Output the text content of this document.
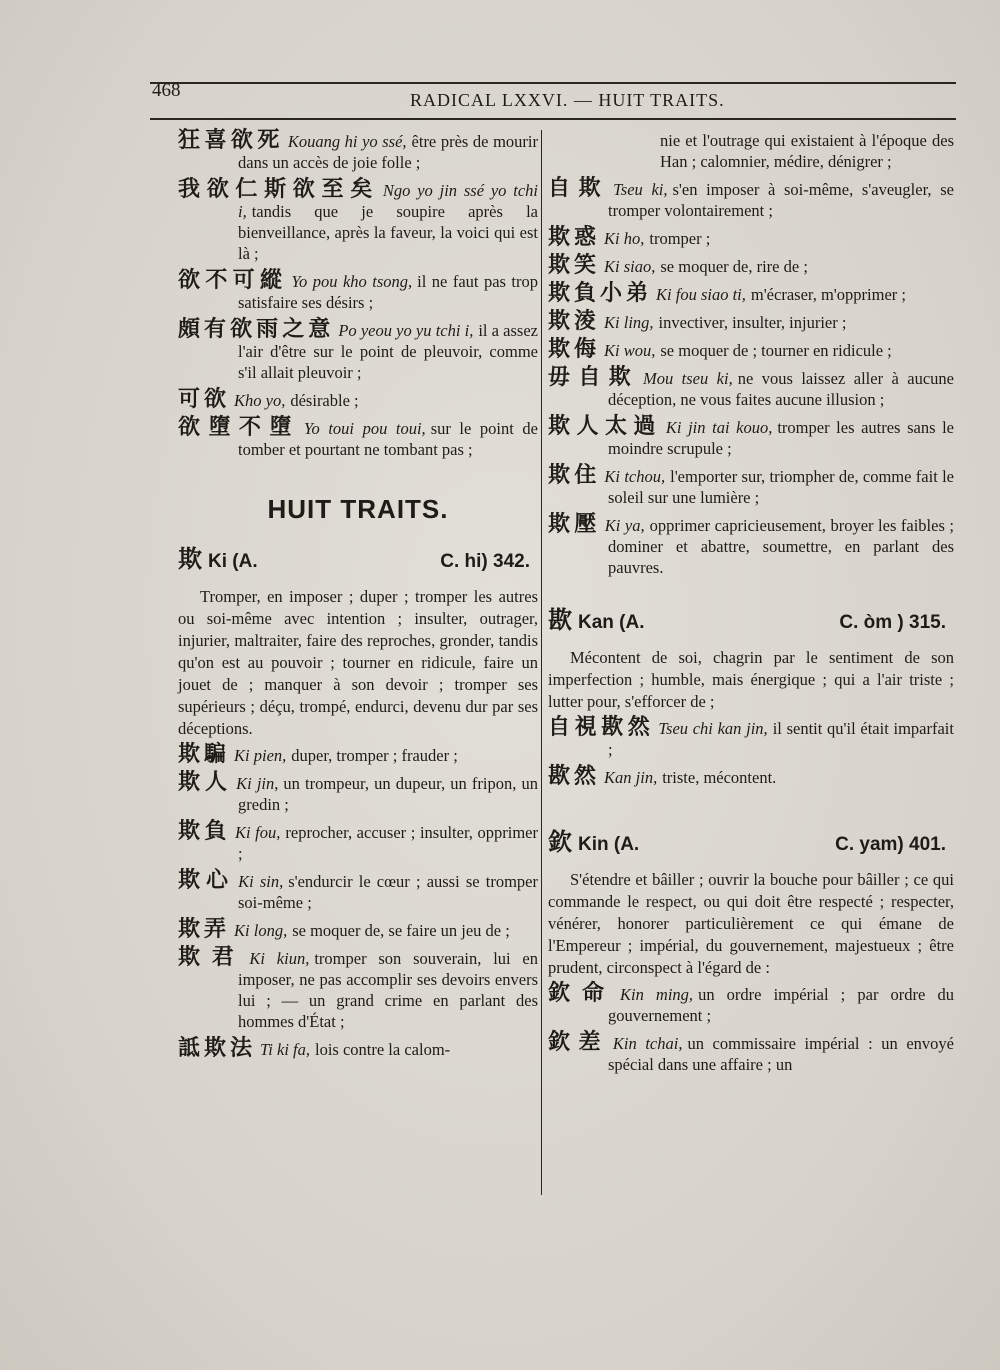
468	RADICAL LXXVI. — HUIT TRAITS.
狂喜欲死 Kouang hi yo ssé, être près de mourir dans un accès de joie folle ;
我欲仁斯欲至矣 Ngo yo jin ssé yo tchi i, tandis que je soupire après la bienveillance, après la faveur, la voici qui est là ;
欲不可縱 Yo pou kho tsong, il ne faut pas trop satisfaire ses désirs ;
頗有欲雨之意 Po yeou yo yu tchi i, il a assez l'air d'être sur le point de pleuvoir, comme s'il allait pleuvoir ;
可欲 Kho yo, désirable ;
欲墮不墮 Yo toui pou toui, sur le point de tomber et pourtant ne tombant pas ;
HUIT TRAITS.
欺 Ki (A.	C. hi) 342.
Tromper, en imposer ; duper ; tromper les autres ou soi-même avec intention ; insulter, outrager, injurier, maltraiter, faire des reproches, gronder, tandis qu'on est au pouvoir ; tourner en ridicule, faire un jouet de ; manquer à son devoir ; tromper ses supérieurs ; déçu, trompé, endurci, devenu dur par ses déceptions.
欺騙 Ki pien, duper, tromper ; frauder ;
欺人 Ki jin, un trompeur, un dupeur, un fripon, un gredin ;
欺負 Ki fou, reprocher, accuser ; insulter, opprimer ;
欺心 Ki sin, s'endurcir le cœur ; aussi se tromper soi-même ;
欺弄 Ki long, se moquer de, se faire un jeu de ;
欺君 Ki kiun, tromper son souverain, lui en imposer, ne pas accomplir ses devoirs envers lui ; — un grand crime en parlant des hommes d'État ;
詆欺法 Ti ki fa, lois contre la calom-
nie et l'outrage qui existaient à l'époque des Han ; calomnier, médire, dénigrer ;
自欺 Tseu ki, s'en imposer à soi-même, s'aveugler, se tromper volontairement ;
欺惑 Ki ho, tromper ;
欺笑 Ki siao, se moquer de, rire de ;
欺負小弟 Ki fou siao ti, m'écraser, m'opprimer ;
欺淩 Ki ling, invectiver, insulter, injurier ;
欺侮 Ki wou, se moquer de ; tourner en ridicule ;
毋自欺 Mou tseu ki, ne vous laissez aller à aucune déception, ne vous faites aucune illusion ;
欺人太過 Ki jin tai kouo, tromper les autres sans le moindre scrupule ;
欺住 Ki tchou, l'emporter sur, triompher de, comme fait le soleil sur une lumière ;
欺壓 Ki ya, opprimer capricieusement, broyer les faibles ; dominer et abattre, soumettre, en parlant des pauvres.
歁 Kan (A.	C. òm ) 315.
Mécontent de soi, chagrin par le sentiment de son imperfection ; humble, mais énergique ; qui a l'air triste ; lutter pour, s'efforcer de ;
自視歁然 Tseu chi kan jin, il sentit qu'il était imparfait ;
歁然 Kan jin, triste, mécontent.
欽 Kin (A.	C. yam) 401.
S'étendre et bâiller ; ouvrir la bouche pour bâiller ; ce qui commande le respect, ou qui doit être respecté ; respecter, vénérer, honorer particulièrement ce qui émane de l'Empereur ; impérial, du gouvernement, majestueux ; être prudent, circonspect à l'égard de :
欽命 Kin ming, un ordre impérial ; par ordre du gouvernement ;
欽差 Kin tchai, un commissaire impérial : un envoyé spécial dans une affaire ; un
